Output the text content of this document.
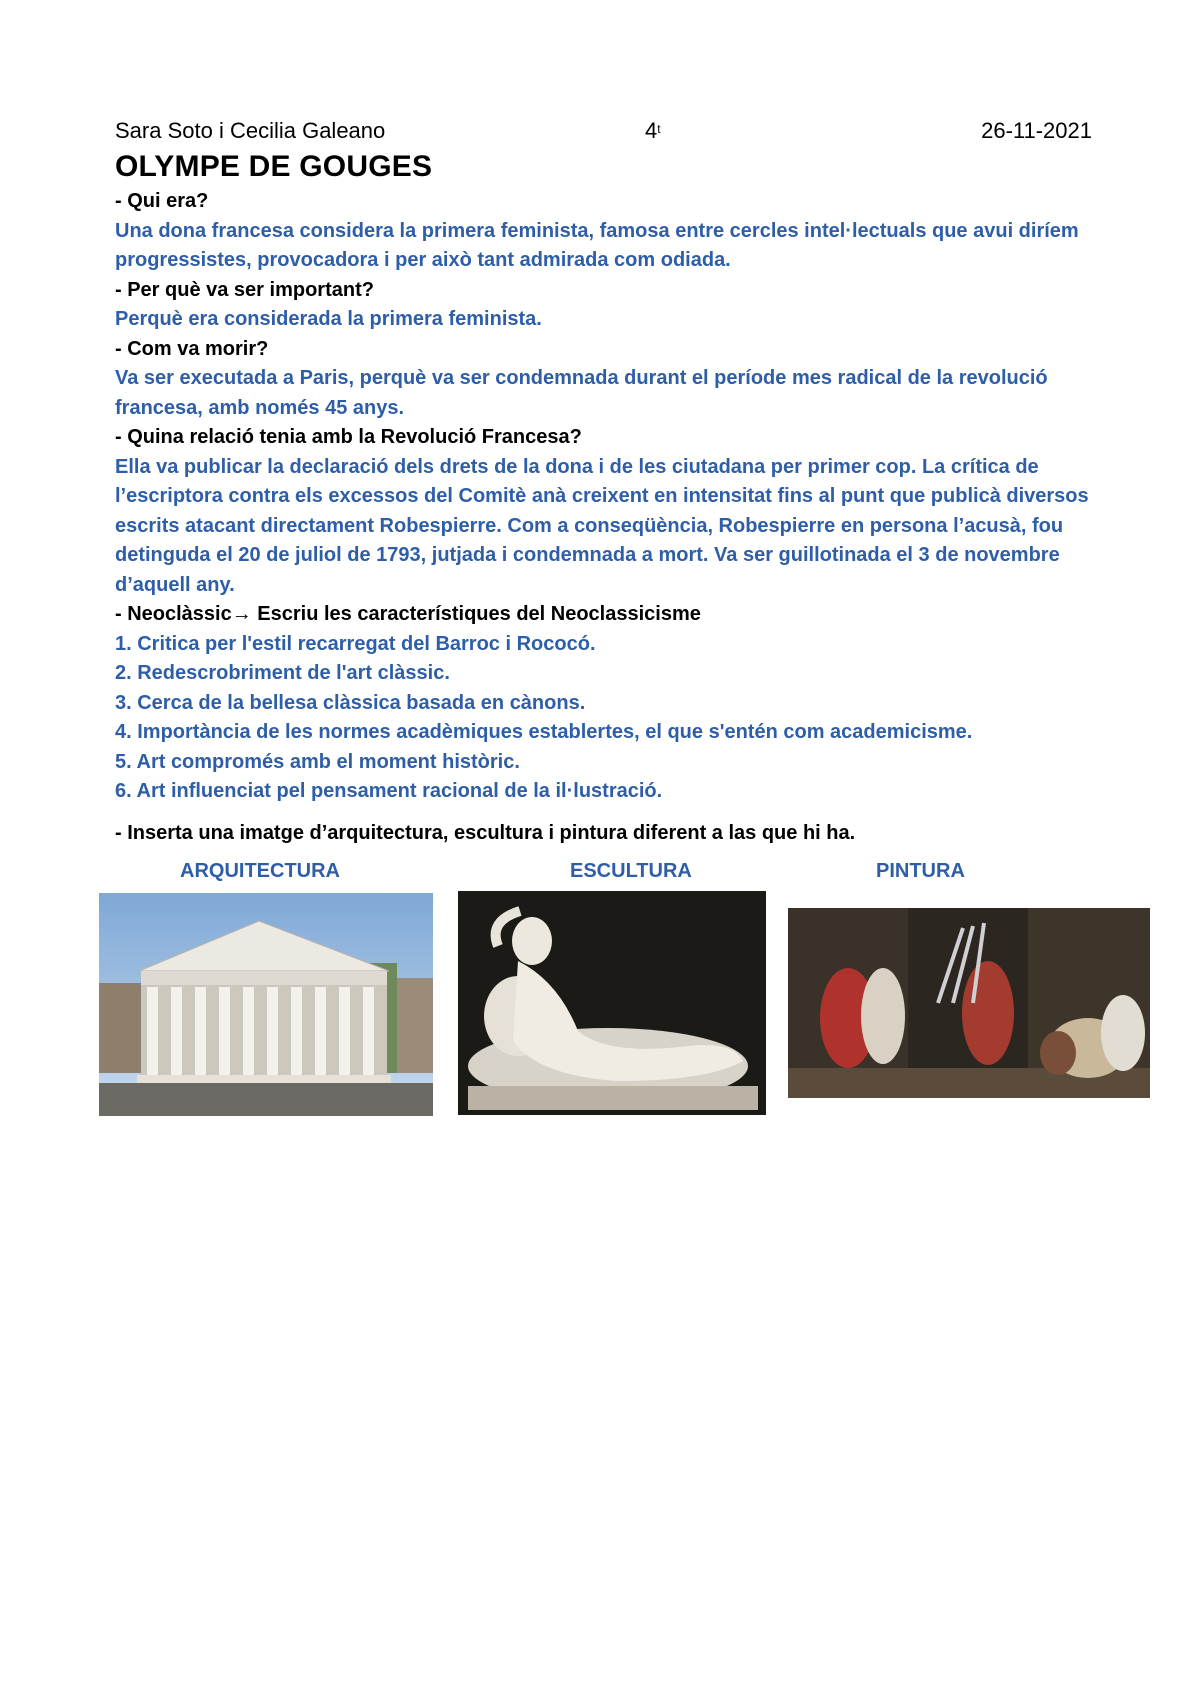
Sara Soto i Cecilia Galeano	4$^t$	26-11-2021
OLYMPE DE GOUGES
- Qui era?
Una dona francesa considera la primera feminista, famosa entre cercles intel·lectuals que avui diríem progressistes, provocadora i per això tant admirada com odiada.
- Per què va ser important?
Perquè era considerada la primera feminista.
- Com va morir?
Va ser executada a Paris, perquè va ser condemnada durant el període mes radical de la revolució francesa, amb només 45 anys.
- Quina relació tenia amb la Revolució Francesa?
Ella va publicar la declaració dels drets de la dona i de les ciutadana per primer cop. La crítica de l’escriptora contra els excessos del Comitè anà creixent en intensitat fins al punt que publicà diversos escrits atacant directament Robespierre. Com a conseqüència, Robespierre en persona l’acusà, fou detinguda el 20 de juliol de 1793, jutjada i condemnada a mort. Va ser guillotinada el 3 de novembre d’aquell any.
- Neoclàssic→ Escriu les característiques del Neoclassicisme
1. Critica per l'estil recarregat del Barroc i Rococó.
2. Redescrobriment de l'art clàssic.
3. Cerca de la bellesa clàssica basada en cànons.
4. Importància de les normes acadèmiques establertes, el que s'entén com academicisme.
5. Art compromés amb el moment històric.
6. Art influenciat pel pensament racional de la il·lustració.
- Inserta una imatge d’arquitectura, escultura i pintura diferent a las que hi ha.
ARQUITECTURA	ESCULTURA	PINTURA
